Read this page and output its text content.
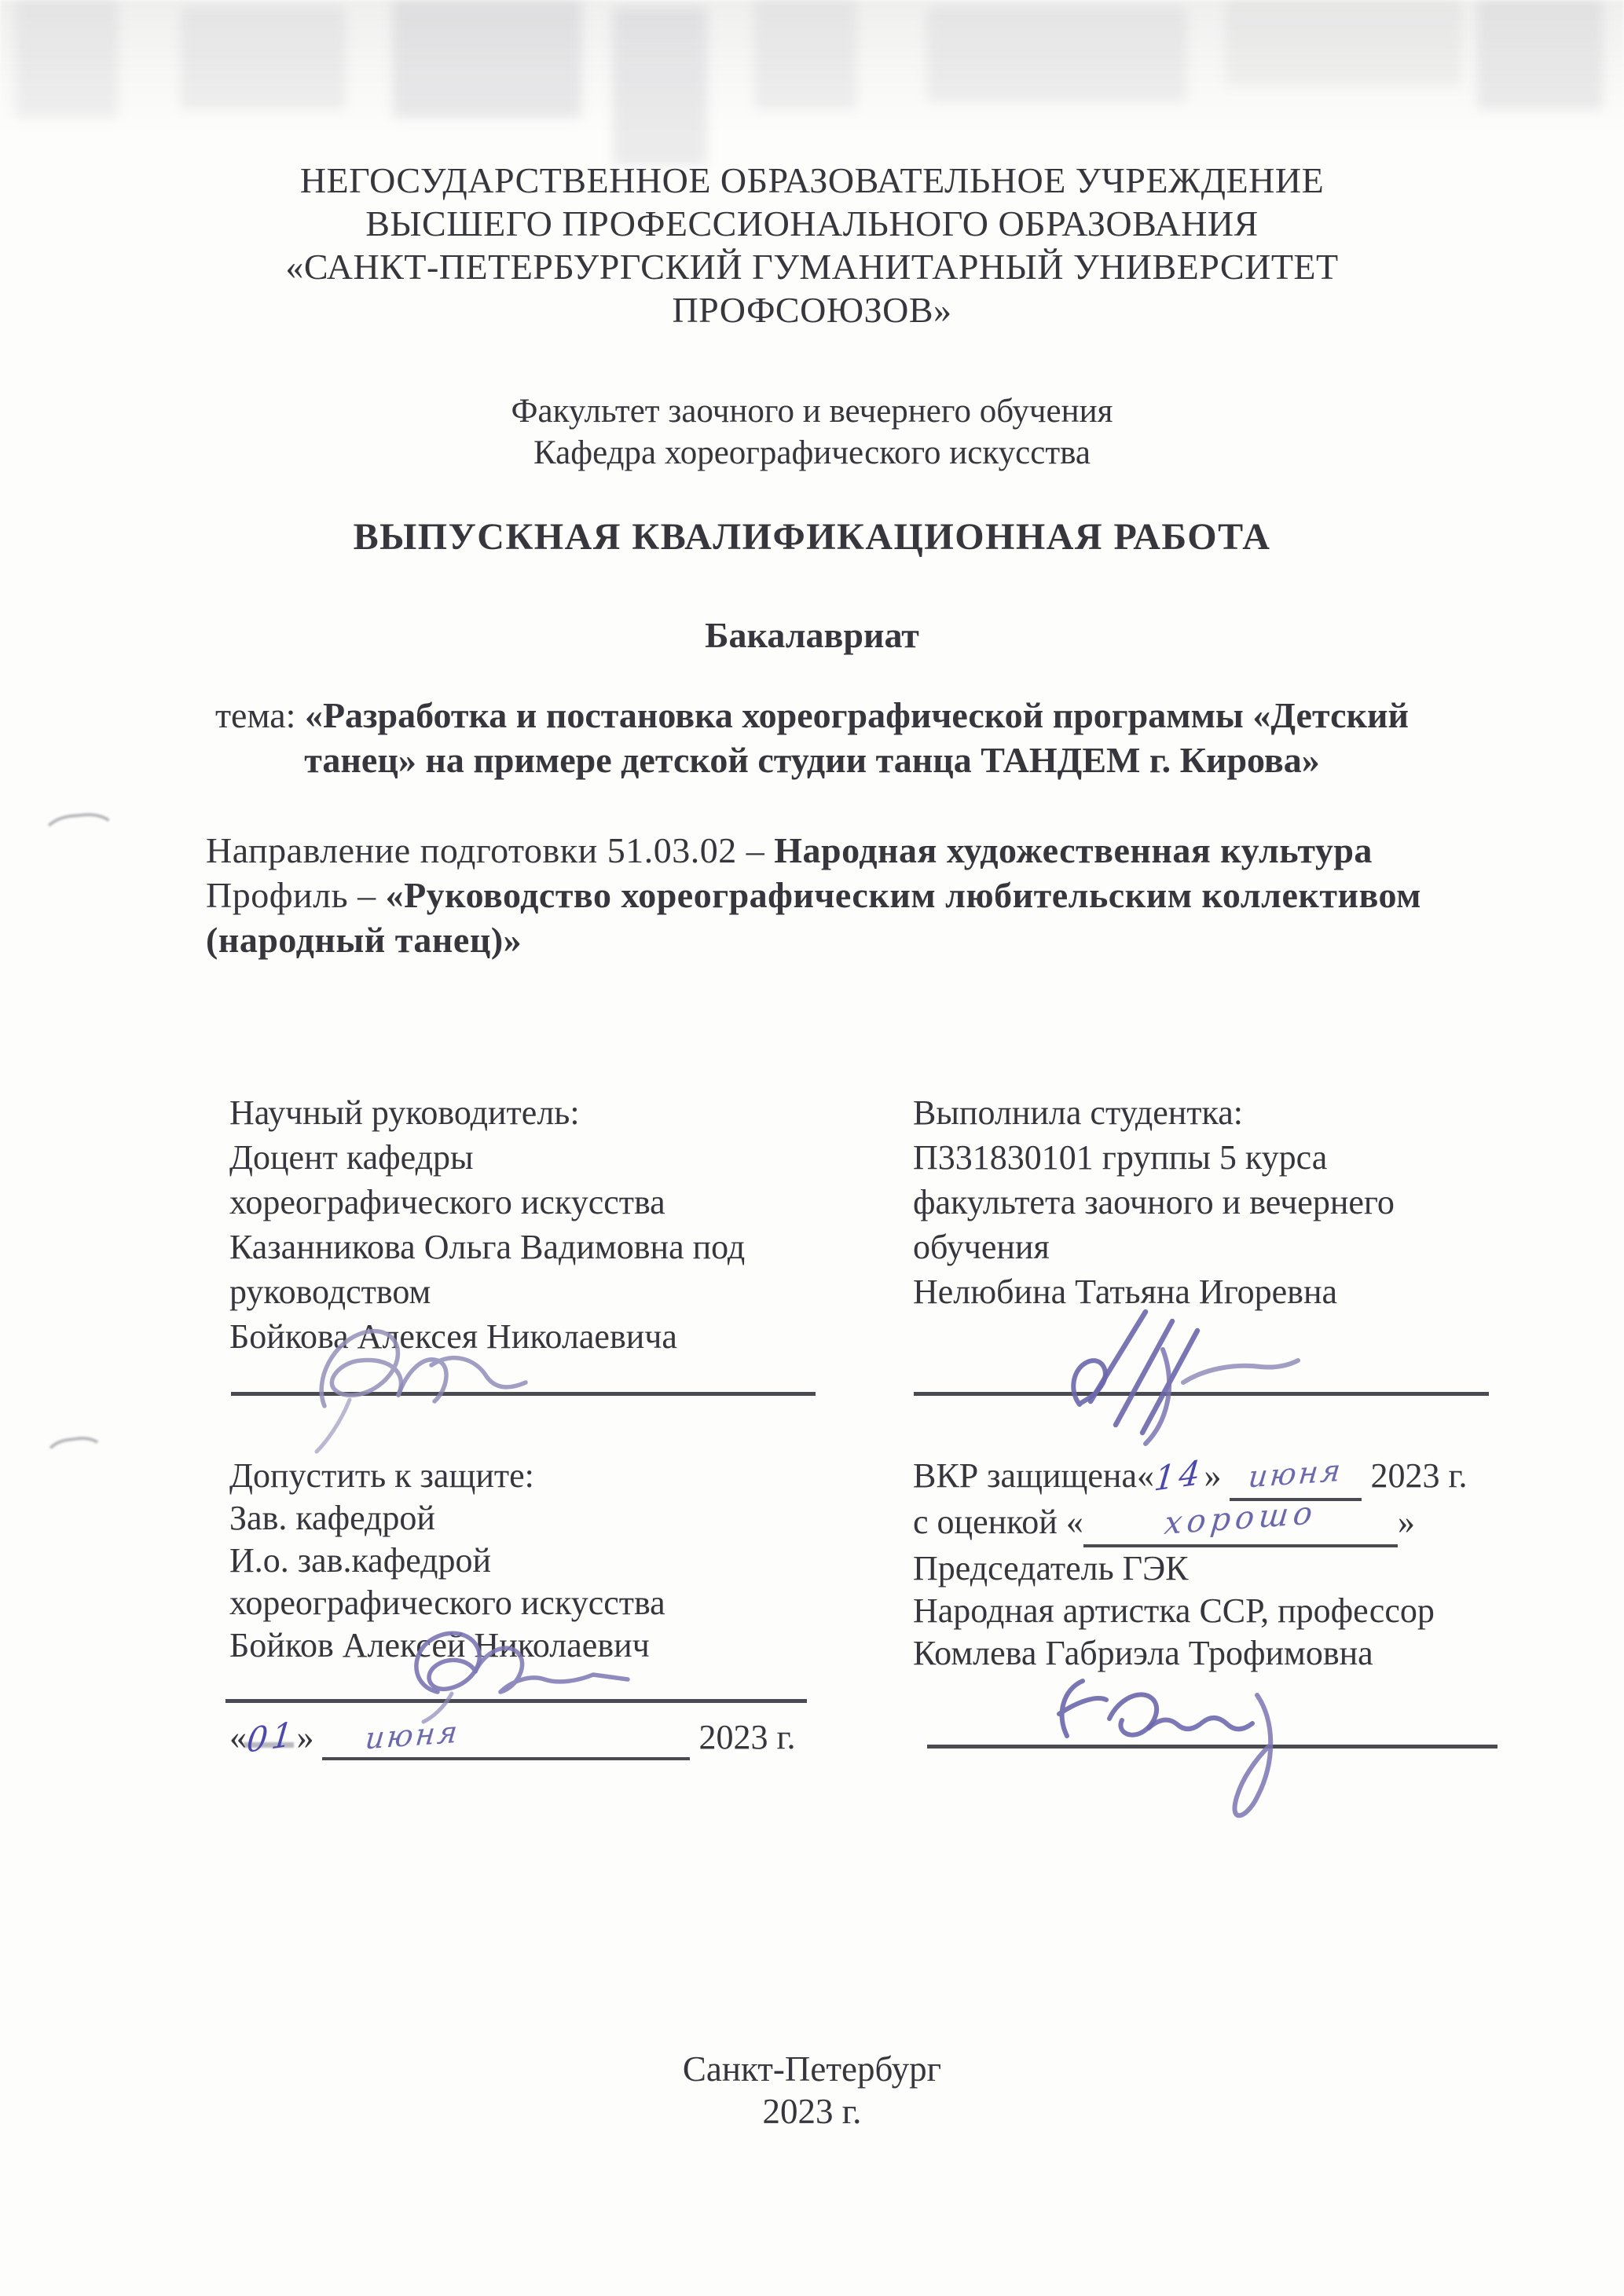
НЕГОСУДАРСТВЕННОЕ ОБРАЗОВАТЕЛЬНОЕ УЧРЕЖДЕНИЕ
ВЫСШЕГО ПРОФЕССИОНАЛЬНОГО ОБРАЗОВАНИЯ
«САНКТ-ПЕТЕРБУРГСКИЙ ГУМАНИТАРНЫЙ УНИВЕРСИТЕТ
ПРОФСОЮЗОВ»
Факультет заочного и вечернего обучения
Кафедра хореографического искусства
ВЫПУСКНАЯ КВАЛИФИКАЦИОННАЯ РАБОТА
Бакалавриат
тема: «Разработка и постановка хореографической программы «Детский
танец» на примере детской студии танца ТАНДЕМ г. Кирова»
Направление подготовки 51.03.02 – Народная художественная культура
Профиль – «Руководство хореографическим любительским коллективом
(народный танец)»
Научный руководитель:
Доцент кафедры
хореографического искусства
Казанникова Ольга Вадимовна под
руководством
Бойкова Алексея Николаевича
Выполнила студентка:
П331830101 группы 5 курса
факультета заочного и вечернего
обучения
Нелюбина Татьяна Игоревна
Допустить к защите:
Зав. кафедрой
И.о. зав.кафедрой
хореографического искусства
Бойков Алексей Николаевич
ВКР защищена«14» июня 2023 г.
с оценкой «	хорошо »
Председатель ГЭК
Народная артистка ССР, профессор
Комлева Габриэла Трофимовна
«01» июня	2023 г.
Санкт-Петербург
2023 г.
